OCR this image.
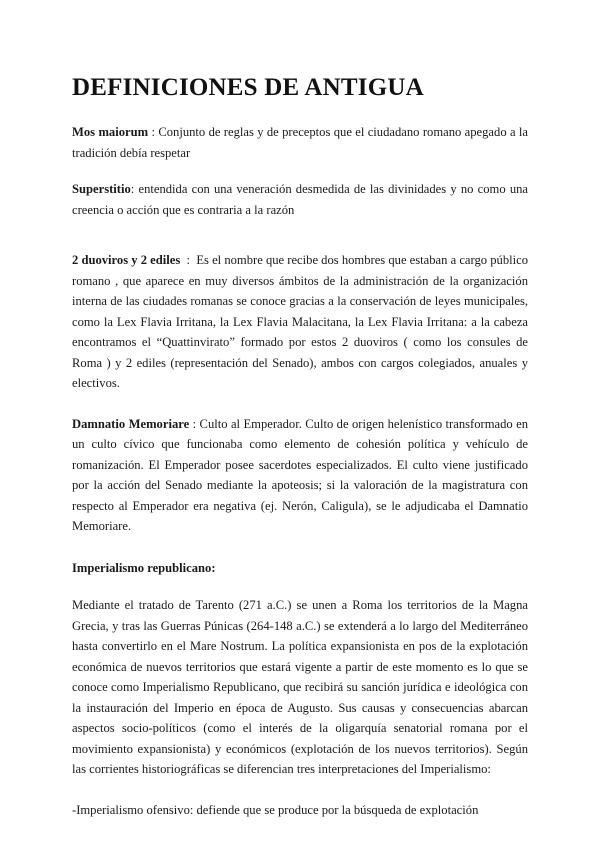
DEFINICIONES DE ANTIGUA

Mos maiorum : Conjunto de reglas y de preceptos que el ciudadano romano apegado a la tradición debía respetar

Superstitio: entendida con una veneración desmedida de las divinidades y no como una creencia o acción que es contraria a la razón

2 duoviros y 2 ediles  :  Es el nombre que recibe dos hombres que estaban a cargo público romano , que aparece en muy diversos ámbitos de la administración de la organización interna de las ciudades romanas se conoce gracias a la conservación de leyes municipales, como la Lex Flavia Irritana, la Lex Flavia Malacitana, la Lex Flavia Irritana: a la cabeza encontramos el “Quattinvirato” formado por estos 2 duoviros ( como los consules de Roma ) y 2 ediles (representación del Senado), ambos con cargos colegiados, anuales y electivos.

Damnatio Memoriare : Culto al Emperador. Culto de origen helenístico transformado en un culto cívico que funcionaba como elemento de cohesión política y vehículo de romanización. El Emperador posee sacerdotes especializados. El culto viene justificado por la acción del Senado mediante la apoteosis; si la valoración de la magistratura con respecto al Emperador era negativa (ej. Nerón, Caligula), se le adjudicaba el Damnatio Memoriare.

Imperialismo republicano:

Mediante el tratado de Tarento (271 a.C.) se unen a Roma los territorios de la Magna Grecia, y tras las Guerras Púnicas (264-148 a.C.) se extenderá a lo largo del Mediterráneo hasta convertirlo en el Mare Nostrum. La política expansionista en pos de la explotación económica de nuevos territorios que estará vigente a partir de este momento es lo que se conoce como Imperialismo Republicano, que recibirá su sanción jurídica e ideológica con la instauración del Imperio en época de Augusto. Sus causas y consecuencias abarcan aspectos socio-políticos (como el interés de la oligarquía senatorial romana por el movimiento expansionista) y económicos (explotación de los nuevos territorios). Según las corrientes historiográficas se diferencian tres interpretaciones del Imperialismo:

-Imperialismo ofensivo: defiende que se produce por la búsqueda de explotación
